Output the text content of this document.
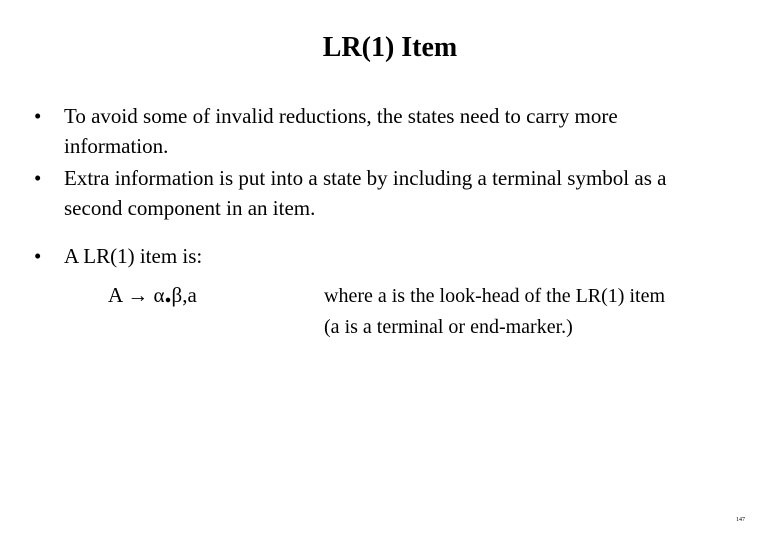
LR(1) Item
• To avoid some of invalid reductions, the states need to carry more
information.
• Extra information is put into a state by including a terminal symbol as a
second component in an item.
• A LR(1) item is:
A → α.β,a	where a is the look-head of the LR(1) item
(a is a terminal or end-marker.)
147
